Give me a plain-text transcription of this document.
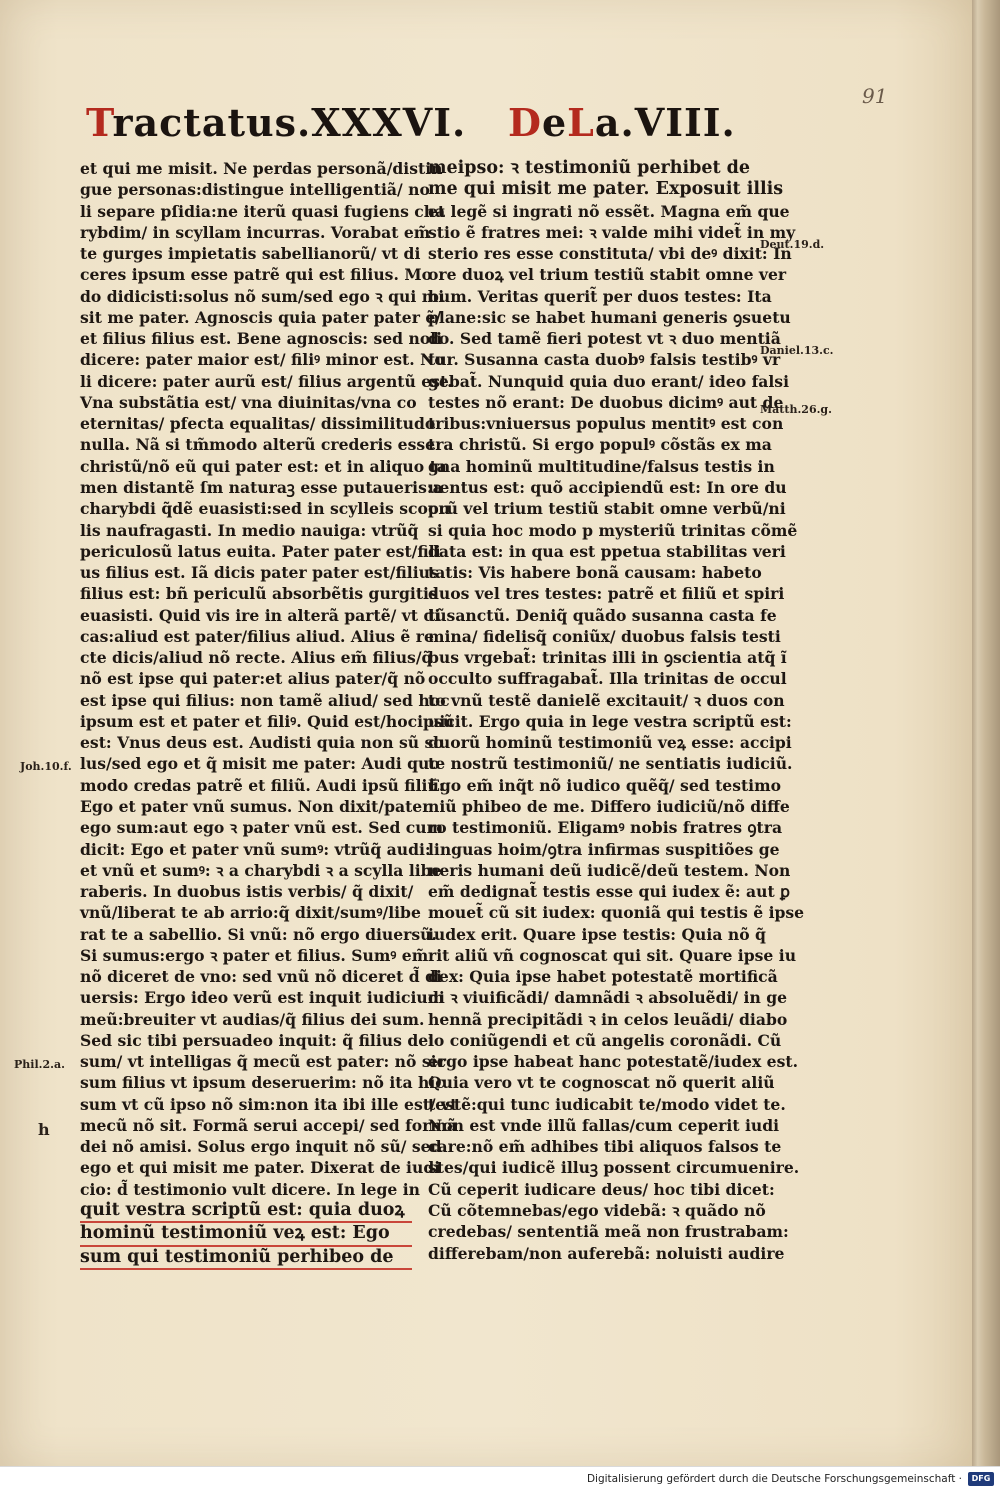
91
Tractatus.XXXVI. DeLa.VIII.
et qui me misit. Ne perdas personã/distin
gue personas:distingue intelligentiã/ no
li separe pſidia:ne iterũ quasi fugiens cha
rybdim/ in scyllam incurras. Vorabat em̃
te gurges impietatis sabellianorũ/ vt di
ceres ipsum esse patrẽ qui est filius. Mo
do didicisti:solus nõ sum/sed ego ꝛ qui mi
sit me pater. Agnoscis quia pater pater ẽ/
et filius filius est. Bene agnoscis: sed noli
dicere: pater maior est/ filiꝰ minor est. No
li dicere: pater aurũ est/ filius argentũ est.
Vna substãtia est/ vna diuinitas/vna co
eternitas/ pfecta equalitas/ dissimilitudo
nulla. Nã si tm̃modo alterũ crederis esse
christũ/nõ eũ qui pater est: et in aliquo ta
men distantẽ ſm naturaꝫ esse putaueris:a
charybdi q̃dẽ euasisti:sed in scylleis scopu
lis naufragasti. In medio nauiga: vtrũq̃
periculosũ latus euita. Pater pater est/fili
us filius est. Iã dicis pater pater est/filius
filius est: bñ periculũ absorbẽtis gurgitis
euasisti. Quid vis ire in alterã partẽ/ vt di
cas:aliud est pater/filius aliud. Alius ẽ re
cte dicis/aliud nõ recte. Alius em̃ filius/q̃
nõ est ipse qui pater:et alius pater/q̃ nõ
est ipse qui filius: non tamẽ aliud/ sed hoc
ipsum est et pater et filiꝰ. Quid est/hocipsũ
est: Vnus deus est. Audisti quia non sũ so
lus/sed ego et q̃ misit me pater: Audi quo
modo credas patrẽ et filiũ. Audi ipsũ filiũ:
Ego et pater vnũ sumus. Non dixit/pater
ego sum:aut ego ꝛ pater vnũ est. Sed cum
dicit: Ego et pater vnũ sumꝰ: vtrũq̃ audi:
et vnũ et sumꝰ: ꝛ a charybdi ꝛ a scylla libe
raberis. In duobus istis verbis/ q̃ dixit/
vnũ/liberat te ab arrio:q̃ dixit/sumꝰ/libe
rat te a sabellio. Si vnũ: nõ ergo diuersũ.
Si sumus:ergo ꝛ pater et filius. Sumꝰ em̃
nõ diceret de vno: sed vnũ nõ diceret d̃ di
uersis: Ergo ideo verũ est inquit iudicium
meũ:breuiter vt audias/q̃ filius dei sum.
Sed sic tibi persuadeo inquit: q̃ filius dei
sum/ vt intelligas q̃ mecũ est pater: nõ sic
sum filius vt ipsum deseruerim: nõ ita hic
sum vt cũ ipso nõ sim:non ita ibi ille est/ vt
mecũ nõ sit. Formã serui accepi/ sed formã
dei nõ amisi. Solus ergo inquit nõ sũ/ sed
ego et qui misit me pater. Dixerat de iudi
cio: d̃ testimonio vult dicere. In lege in
quit vestra scriptũ est: quia duoꝝ
hominũ testimoniũ veꝝ est: Ego
sum qui testimoniũ perhibeo de
meipso: ꝛ testimoniũ perhibet de
me qui misit me pater. Exposuit illis
et legẽ si ingrati nõ essẽt. Magna em̃ que
stio ẽ fratres mei: ꝛ valde mihi videt̃ in my
sterio res esse constituta/ vbi deꝰ dixit: In
ore duoꝝ vel trium testiũ stabit omne ver
bum. Veritas querit̃ per duos testes: Ita
plane:sic se habet humani generis ꝯsuetu
do. Sed tamẽ fieri potest vt ꝛ duo mentiã
tur. Susanna casta duobꝰ falsis testibꝰ vr
gebat̃. Nunquid quia duo erant/ ideo falsi
testes nõ erant: De duobus dicimꝰ aut de
tribus:vniuersus populus mentitꝰ est con
tra christũ. Si ergo populꝰ cõstãs ex ma
gna hominũ multitudine/falsus testis in
uentus est: quõ accipiendũ est: In ore du
orũ vel trium testiũ stabit omne verbũ/ni
si quia hoc modo p mysteriũ trinitas cõmẽ
data est: in qua est ppetua stabilitas veri
tatis: Vis habere bonã causam: habeto
duos vel tres testes: patrẽ et filiũ et spiri
tũsanctũ. Deniq̃ quãdo susanna casta fe
mina/ fidelisq̃ coniũx/ duobus falsis testi
bus vrgebat̃: trinitas illi in ꝯscientia atq̃ ĩ
occulto suffragabat̃. Illa trinitas de occul
to vnũ testẽ danielẽ excitauit/ ꝛ duos con
uicit. Ergo quia in lege vestra scriptũ est:
duorũ hominũ testimoniũ veꝝ esse: accipi
te nostrũ testimoniũ/ ne sentiatis iudiciũ.
Ego em̃ inq̃t nõ iudico quẽq̃/ sed testimo
niũ phibeo de me. Differo iudiciũ/nõ diffe
ro testimoniũ. Eligamꝰ nobis fratres ꝯtra
linguas hoim/ꝯtra infirmas suspitiões ge
neris humani deũ iudicẽ/deũ testem. Non
em̃ dedignat̃ testis esse qui iudex ẽ: aut ꝑ
mouet̃ cũ sit iudex: quoniã qui testis ẽ ipse
iudex erit. Quare ipse testis: Quia nõ q̃
rit aliũ vñ cognoscat qui sit. Quare ipse iu
dex: Quia ipse habet potestatẽ mortificã
di ꝛ viuificãdi/ damnãdi ꝛ absoluẽdi/ in ge
hennã precipitãdi ꝛ in celos leuãdi/ diabo
lo coniũgendi et cũ angelis coronãdi. Cũ
ergo ipse habeat hanc potestatẽ/iudex est.
Quia vero vt te cognoscat nõ querit aliũ
testẽ:qui tunc iudicabit te/modo videt te.
Non est vnde illũ fallas/cum ceperit iudi
care:nõ em̃ adhibes tibi aliquos falsos te
stes/qui iudicẽ illuꝫ possent circumuenire.
Cũ ceperit iudicare deus/ hoc tibi dicet:
Cũ cõtemnebas/ego videbã: ꝛ quãdo nõ
credebas/ sententiã meã non frustrabam:
differebam/non auferebã: noluisti audire
Deut.19.d.
Daniel.13.c.
Matth.26.g.
Joh.10.f.
Phil.2.a.
h
Digitalisierung gefördert durch die Deutsche Forschungsgemeinschaft ·	DFG
